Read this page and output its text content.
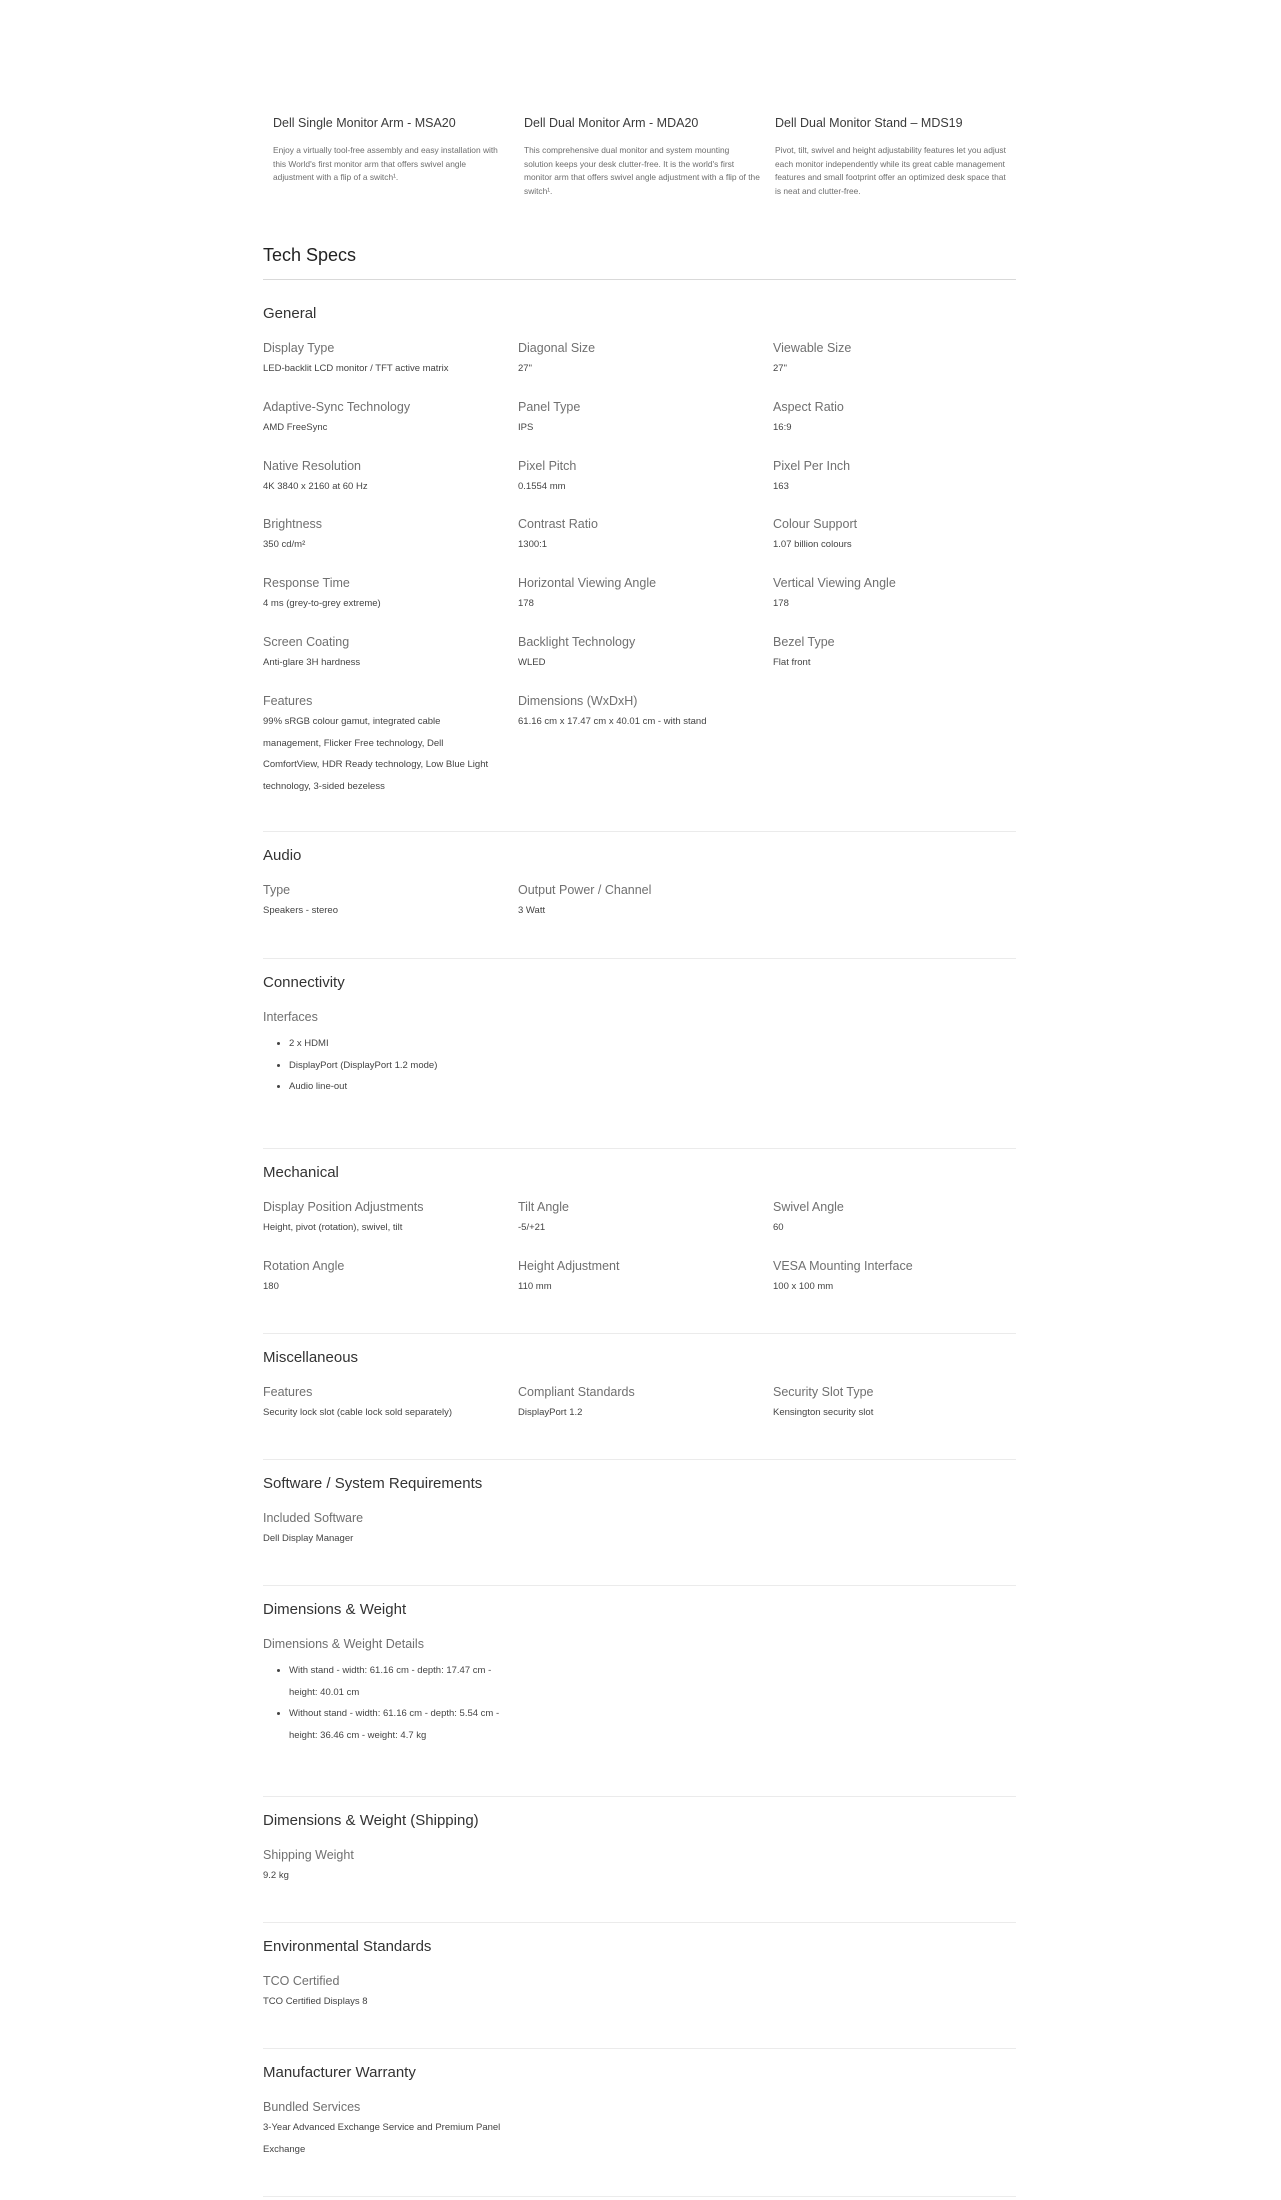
Dell Single Monitor Arm - MSA20

Enjoy a virtually tool-free assembly and easy installation with this World's first monitor arm that offers swivel angle adjustment with a flip of a switch¹.

Dell Dual Monitor Arm - MDA20

This comprehensive dual monitor and system mounting solution keeps your desk clutter-free. It is the world's first monitor arm that offers swivel angle adjustment with a flip of the switch¹.

Dell Dual Monitor Stand – MDS19

Pivot, tilt, swivel and height adjustability features let you adjust each monitor independently while its great cable management features and small footprint offer an optimized desk space that is neat and clutter-free.

Tech Specs
General

Display Type

LED-backlit LCD monitor / TFT active matrix

Diagonal Size

27"

Viewable Size

27"

Adaptive-Sync Technology

AMD FreeSync

Panel Type

IPS

Aspect Ratio

16:9

Native Resolution

4K 3840 x 2160 at 60 Hz

Pixel Pitch

0.1554 mm

Pixel Per Inch

163

Brightness

350 cd/m²

Contrast Ratio

1300:1

Colour Support

1.07 billion colours

Response Time

4 ms (grey-to-grey extreme)

Horizontal Viewing Angle

178

Vertical Viewing Angle

178

Screen Coating

Anti-glare 3H hardness

Backlight Technology

WLED

Bezel Type

Flat front

Features

99% sRGB colour gamut, integrated cable management, Flicker Free technology, Dell ComfortView, HDR Ready technology, Low Blue Light technology, 3-sided bezeless

Dimensions (WxDxH)

61.16 cm x 17.47 cm x 40.01 cm - with stand
Audio

Type

Speakers - stereo

Output Power / Channel

3 Watt
Connectivity

Interfaces

• 2 x HDMI
• DisplayPort (DisplayPort 1.2 mode)
• Audio line-out
Mechanical

Display Position Adjustments

Height, pivot (rotation), swivel, tilt

Tilt Angle

-5/+21

Swivel Angle

60

Rotation Angle

180

Height Adjustment

110 mm

VESA Mounting Interface

100 x 100 mm
Miscellaneous

Features

Security lock slot (cable lock sold separately)

Compliant Standards

DisplayPort 1.2

Security Slot Type

Kensington security slot
Software / System Requirements

Included Software

Dell Display Manager
Dimensions & Weight

Dimensions & Weight Details

• With stand - width: 61.16 cm - depth: 17.47 cm - height: 40.01 cm
• Without stand - width: 61.16 cm - depth: 5.54 cm - height: 36.46 cm - weight: 4.7 kg
Dimensions & Weight (Shipping)

Shipping Weight

9.2 kg
Environmental Standards

TCO Certified

TCO Certified Displays 8
Manufacturer Warranty

Bundled Services

3-Year Advanced Exchange Service and Premium Panel Exchange
